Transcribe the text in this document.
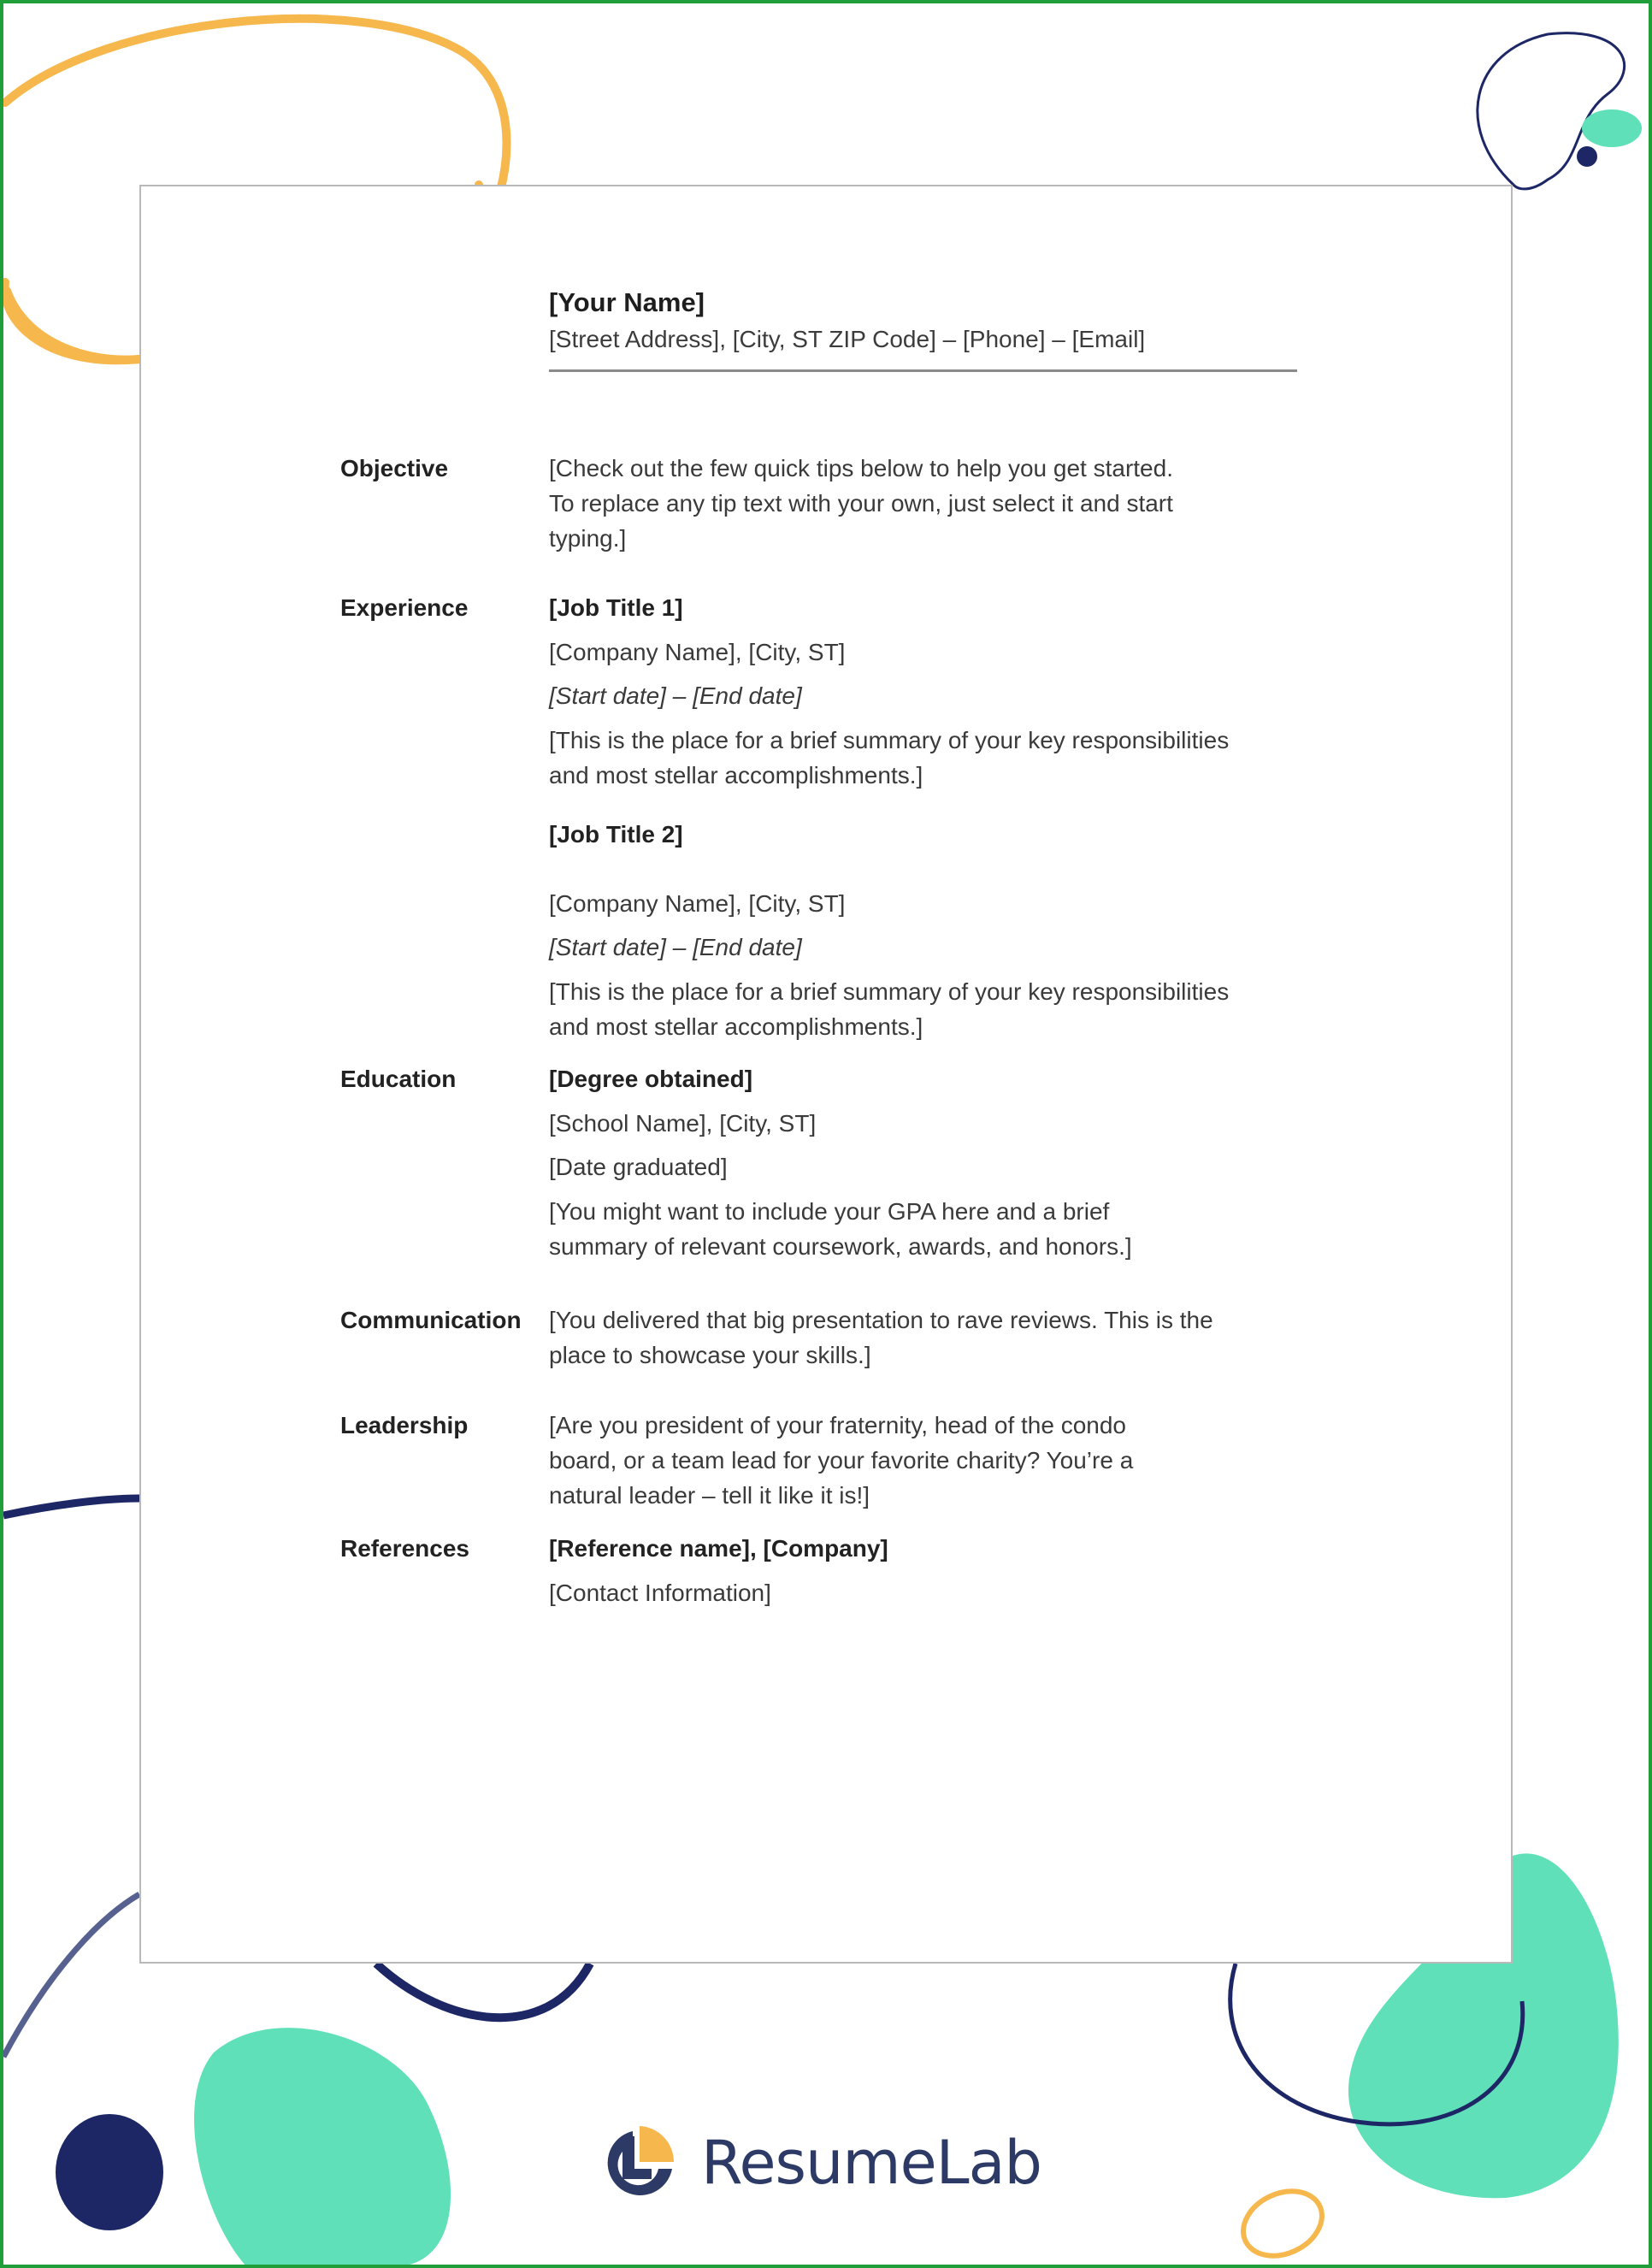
[Your Name]
[Street Address], [City, ST ZIP Code] – [Phone] – [Email]
Objective	[Check out the few quick tips below to help you get started.
To replace any tip text with your own, just select it and start
typing.]
Experience	[Job Title 1]
[Company Name], [City, ST]
[Start date] – [End date]
[This is the place for a brief summary of your key responsibilities
and most stellar accomplishments.]
[Job Title 2]
[Company Name], [City, ST]
[Start date] – [End date]
[This is the place for a brief summary of your key responsibilities
and most stellar accomplishments.]
Education	[Degree obtained]
[School Name], [City, ST]
[Date graduated]
[You might want to include your GPA here and a brief
summary of relevant coursework, awards, and honors.]
Communication [You delivered that big presentation to rave reviews. This is the
place to showcase your skills.]
Leadership	[Are you president of your fraternity, head of the condo
board, or a team lead for your favorite charity? You’re a
natural leader – tell it like it is!]
References	[Reference name], [Company]
[Contact Information]
ResumeLab
